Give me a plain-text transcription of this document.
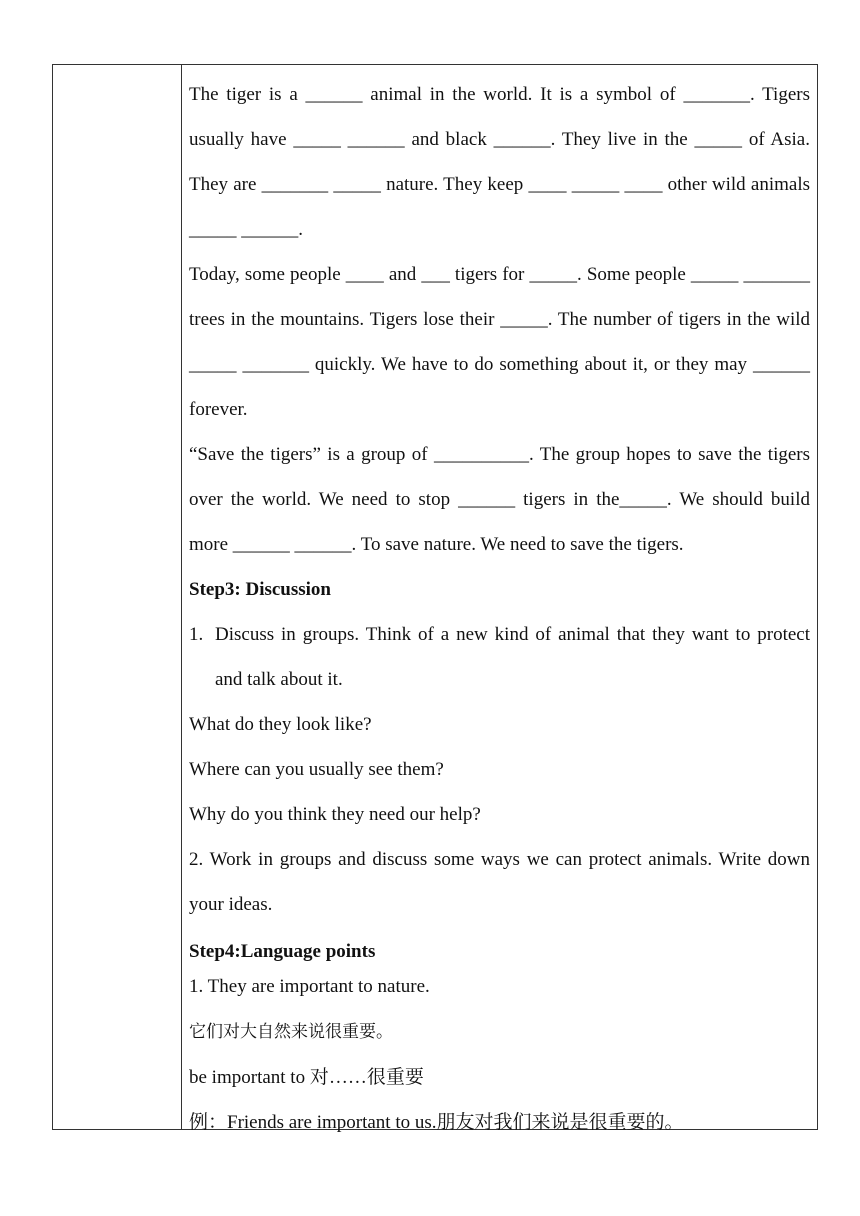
The tiger is a ______ animal in the world. It is a symbol of _______. Tigers usually have _____ ______ and black ______. They live in the _____ of Asia. They are _______ _____ nature. They keep ____ _____ ____ other wild animals _____ ______.

Today, some people ____ and ___ tigers for _____. Some people _____ _______ trees in the mountains. Tigers lose their _____. The number of tigers in the wild _____ _______ quickly. We have to do something about it, or they may ______ forever.

“Save the tigers” is a group of __________. The group hopes to save the tigers over the world. We need to stop ______ tigers in the_____. We should build more ______ ______. To save nature. We need to save the tigers.

Step3: Discussion

1. Discuss in groups. Think of a new kind of animal that they want to protect and talk about it.

What do they look like?

Where can you usually see them?

Why do you think they need our help?

2. Work in groups and discuss some ways we can protect animals. Write down your ideas.

Step4:Language points

1. They are important to nature.

它们对大自然来说很重要。

be important to 对……很重要

例：Friends are important to us.朋友对我们来说是很重要的。
